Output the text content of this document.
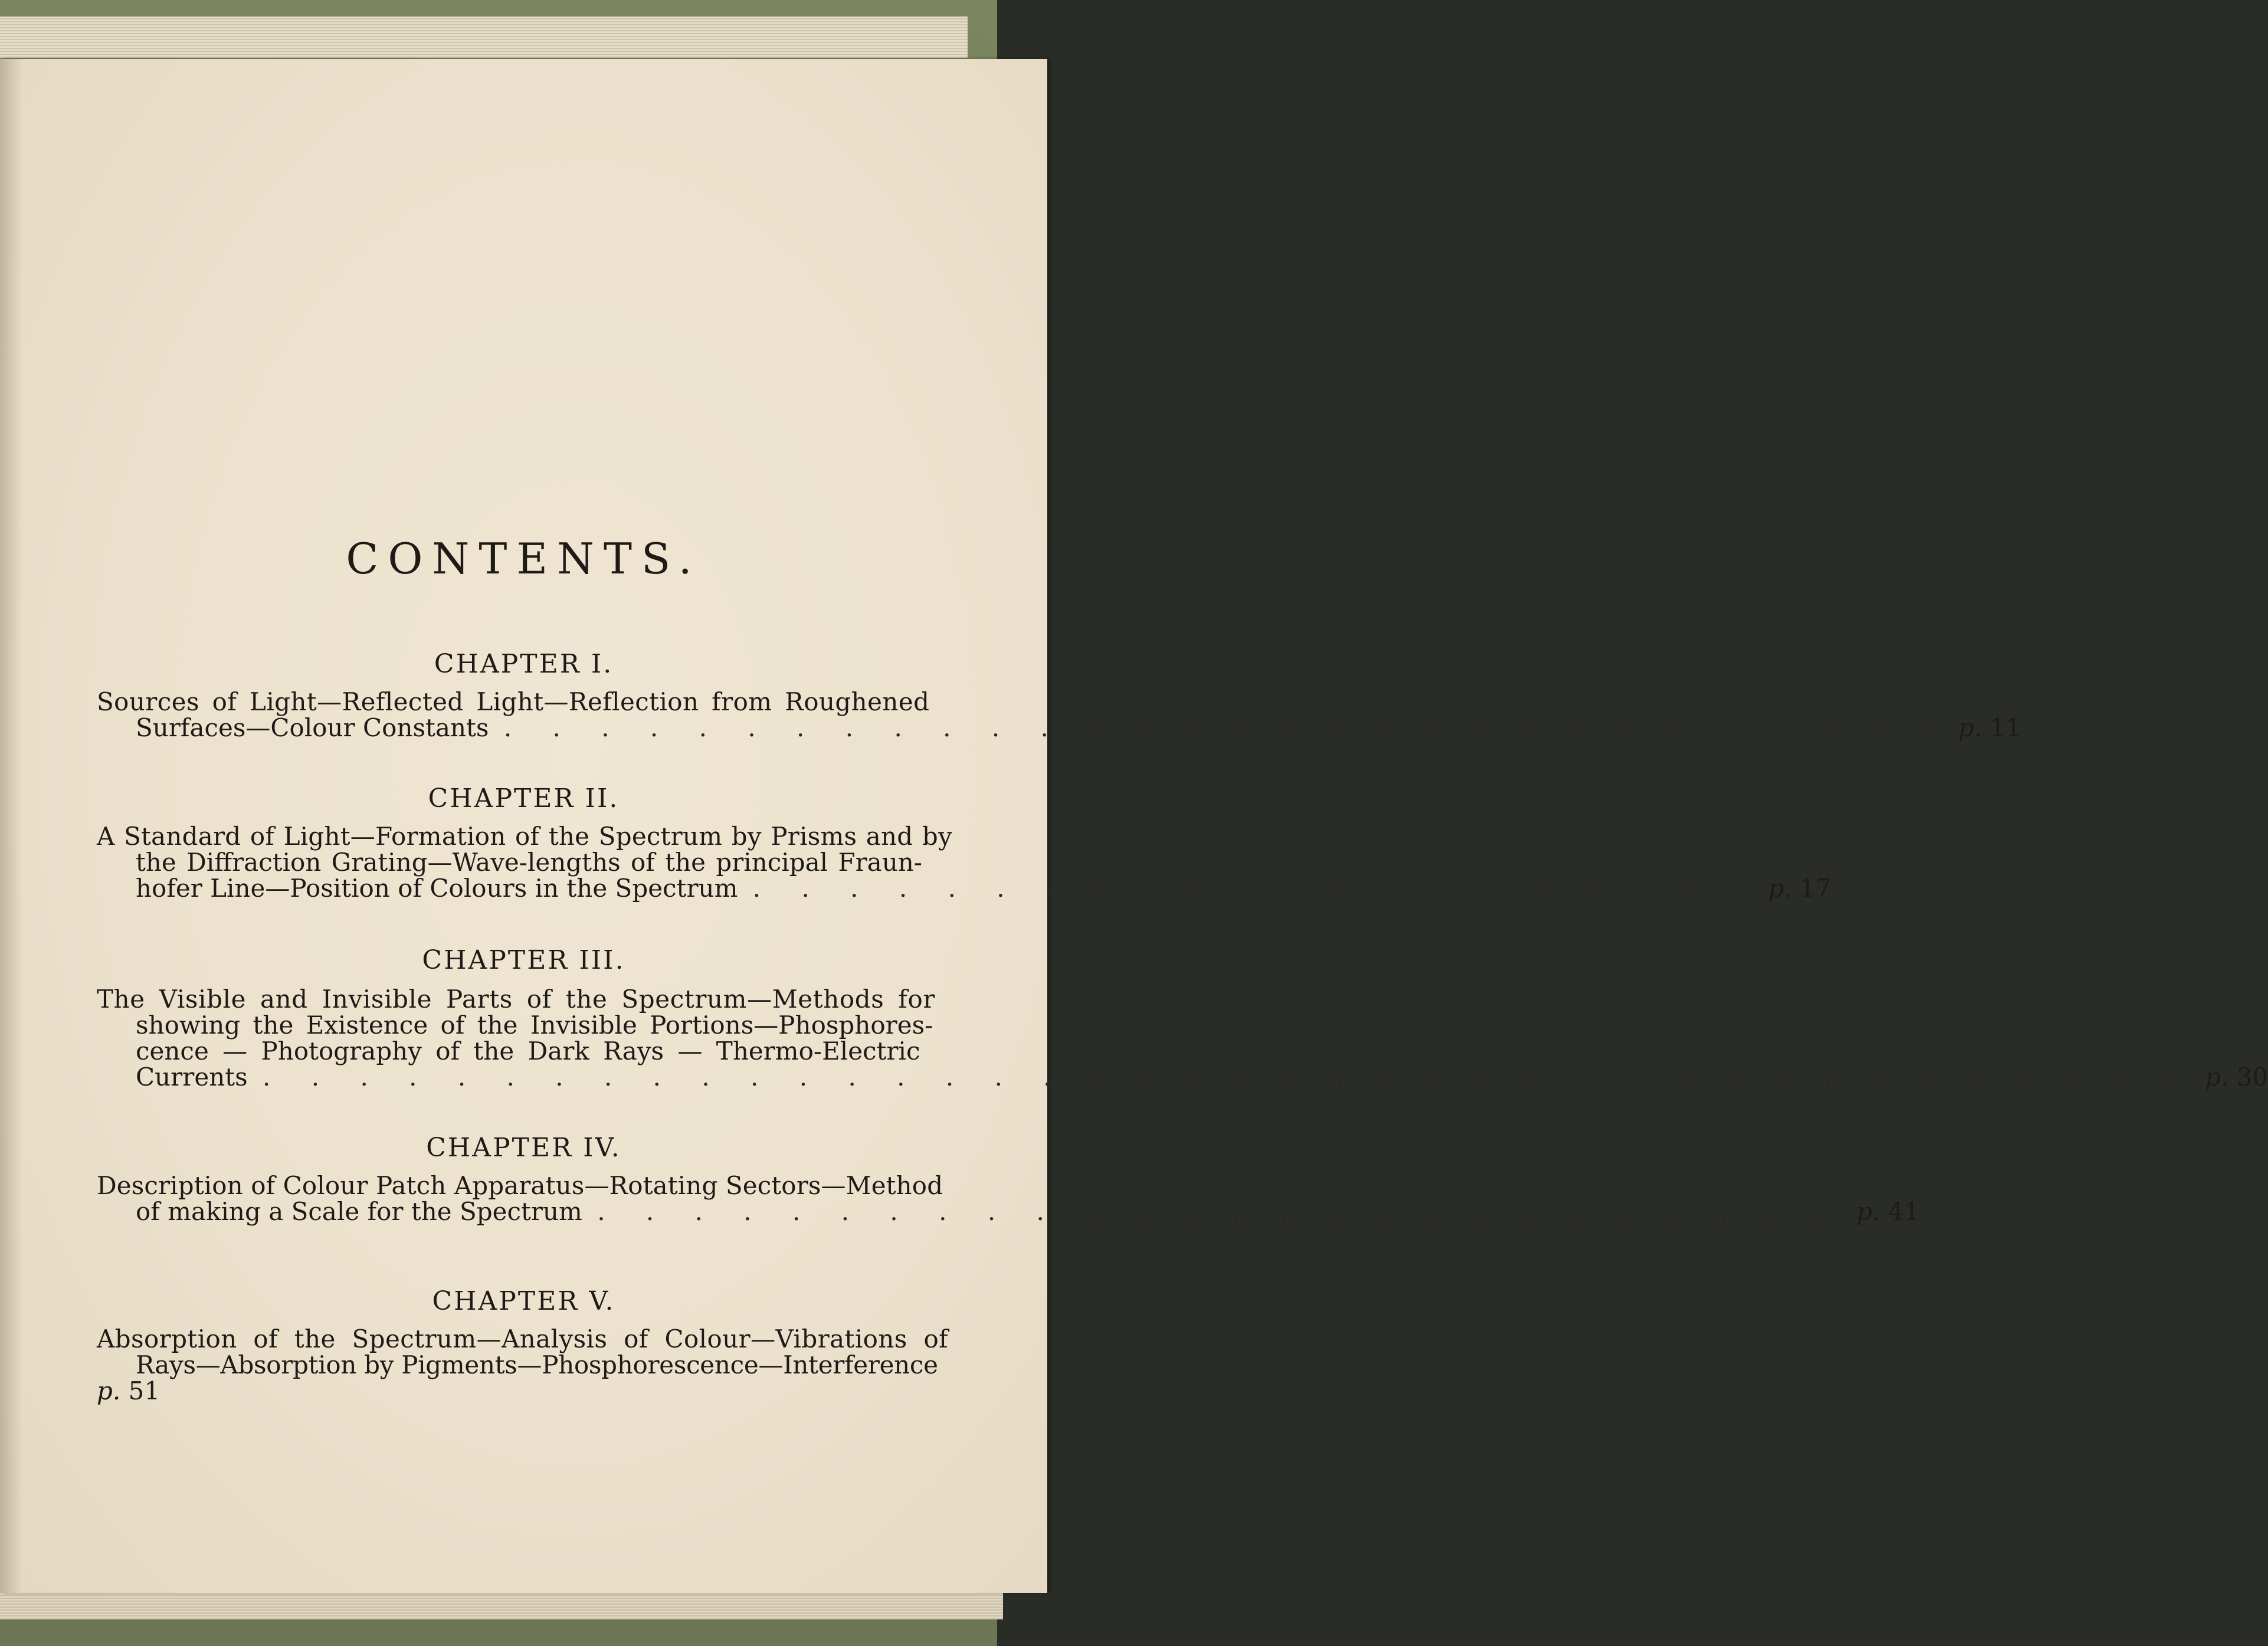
CONTENTS.
CHAPTER I.
Sources of Light—Reflected Light—Reflection from Roughened
Surfaces—Colour Constants . . . . . . . . . . . . . . . . . . . . . . . . . . . . . . p. 11
CHAPTER II.
A Standard of Light—Formation of the Spectrum by Prisms and by
the Diffraction Grating—Wave-lengths of the principal Fraun-
hofer Line—Position of Colours in the Spectrum . . . . . . . . . . . . . . . . . . . . . p. 17
CHAPTER III.
The Visible and Invisible Parts of the Spectrum—Methods for
showing the Existence of the Invisible Portions—Phosphores-
cence — Photography of the Dark Rays — Thermo-Electric
Currents . . . . . . . . . . . . . . . . . . . . . . . . . . . . . . . . . . . . . . . . p. 30
CHAPTER IV.
Description of Colour Patch Apparatus—Rotating Sectors—Method
of making a Scale for the Spectrum . . . . . . . . . . . . . . . . . . . . . . . . . . p. 41
CHAPTER V.
Absorption of the Spectrum—Analysis of Colour—Vibrations of
Rays—Absorption by Pigments—Phosphorescence—Interference
p. 51
